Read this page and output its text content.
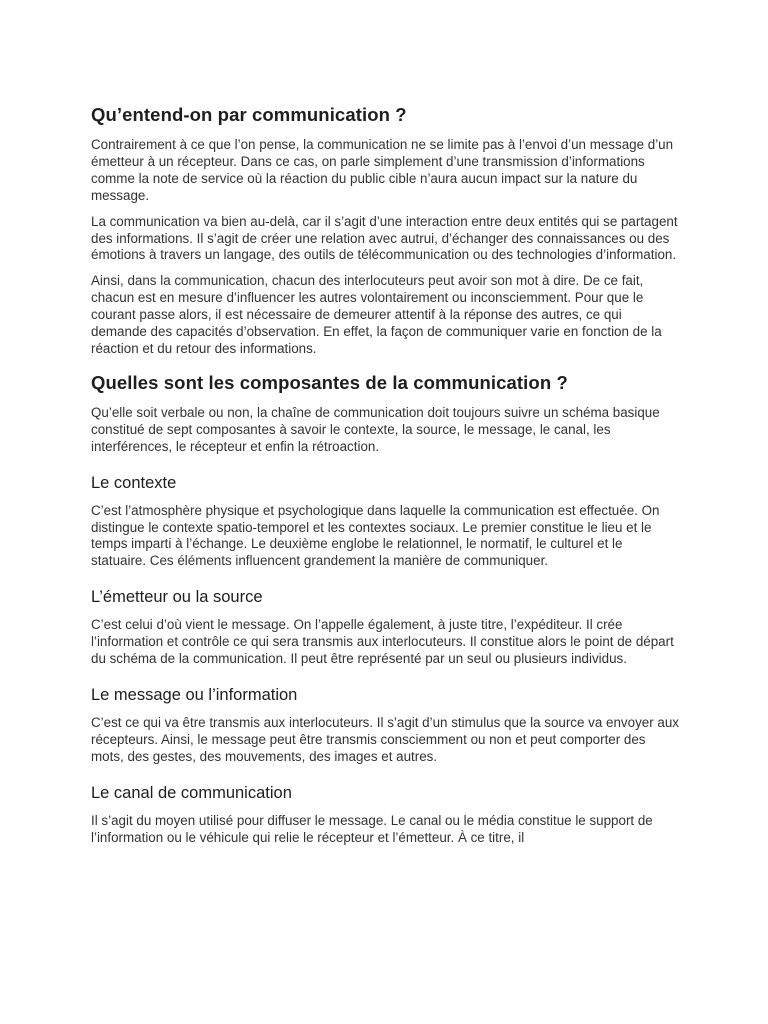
Qu’entend-on par communication ?

Contrairement à ce que l’on pense, la communication ne se limite pas à l’envoi d’un message d’un émetteur à un récepteur. Dans ce cas, on parle simplement d’une transmission d’informations comme la note de service où la réaction du public cible n’aura aucun impact sur la nature du message.

La communication va bien au-delà, car il s’agit d’une interaction entre deux entités qui se partagent des informations. Il s’agit de créer une relation avec autrui, d’échanger des connaissances ou des émotions à travers un langage, des outils de télécommunication ou des technologies d’information.

Ainsi, dans la communication, chacun des interlocuteurs peut avoir son mot à dire. De ce fait, chacun est en mesure d’influencer les autres volontairement ou inconsciemment. Pour que le courant passe alors, il est nécessaire de demeurer attentif à la réponse des autres, ce qui demande des capacités d’observation. En effet, la façon de communiquer varie en fonction de la réaction et du retour des informations.

Quelles sont les composantes de la communication ?

Qu’elle soit verbale ou non, la chaîne de communication doit toujours suivre un schéma basique constitué de sept composantes à savoir le contexte, la source, le message, le canal, les interférences, le récepteur et enfin la rétroaction.

Le contexte

C’est l’atmosphère physique et psychologique dans laquelle la communication est effectuée. On distingue le contexte spatio-temporel et les contextes sociaux. Le premier constitue le lieu et le temps imparti à l’échange. Le deuxième englobe le relationnel, le normatif, le culturel et le statuaire. Ces éléments influencent grandement la manière de communiquer.

L’émetteur ou la source

C’est celui d’où vient le message. On l’appelle également, à juste titre, l’expéditeur. Il crée l’information et contrôle ce qui sera transmis aux interlocuteurs. Il constitue alors le point de départ du schéma de la communication. Il peut être représenté par un seul ou plusieurs individus.

Le message ou l’information

C’est ce qui va être transmis aux interlocuteurs. Il s’agit d’un stimulus que la source va envoyer aux récepteurs. Ainsi, le message peut être transmis consciemment ou non et peut comporter des mots, des gestes, des mouvements, des images et autres.

Le canal de communication

Il s’agit du moyen utilisé pour diffuser le message. Le canal ou le média constitue le support de l’information ou le véhicule qui relie le récepteur et l’émetteur. À ce titre, il
